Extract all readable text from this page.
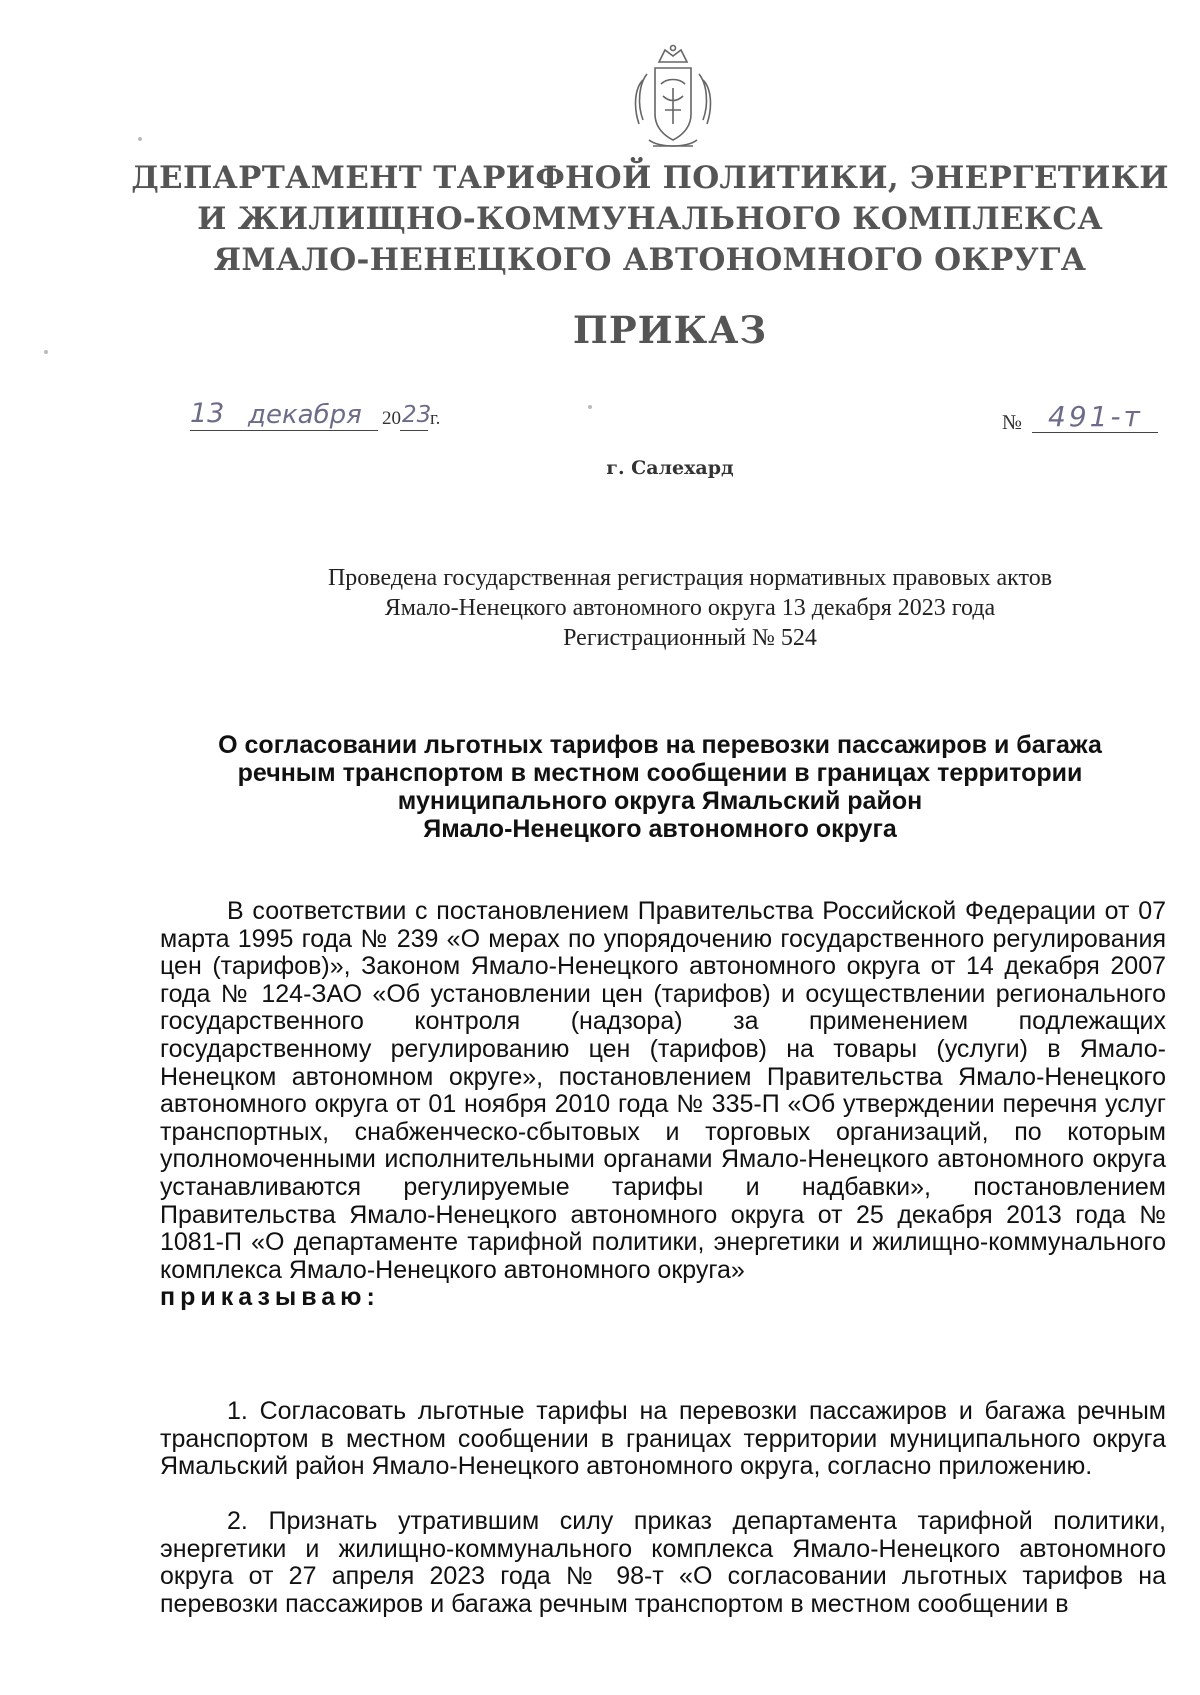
ДЕПАРТАМЕНТ ТАРИФНОЙ ПОЛИТИКИ, ЭНЕРГЕТИКИ
И ЖИЛИЩНО-КОММУНАЛЬНОГО КОМПЛЕКСА
ЯМАЛО-НЕНЕЦКОГО АВТОНОМНОГО ОКРУГА
ПРИКАЗ
13 декабря 20 23
г.	№ 491-т
г. Салехард
Проведена государственная регистрация нормативных правовых актов
Ямало-Ненецкого автономного округа 13 декабря 2023 года
Регистрационный № 524
О согласовании льготных тарифов на перевозки пассажиров и багажа
речным транспортом в местном сообщении в границах территории
муниципального округа Ямальский район
Ямало-Ненецкого автономного округа
В соответствии с постановлением Правительства Российской Федерации от 07 марта 1995 года № 239 «О мерах по упорядочению государственного регулирования цен (тарифов)», Законом Ямало-Ненецкого автономного округа от 14 декабря 2007 года № 124-ЗАО «Об установлении цен (тарифов) и осуществлении регионального государственного контроля (надзора) за применением подлежащих государственному регулированию цен (тарифов) на товары (услуги) в Ямало-Ненецком автономном округе», постановлением Правительства Ямало-Ненецкого автономного округа от 01 ноября 2010 года № 335-П «Об утверждении перечня услуг транспортных, снабженческо-сбытовых и торговых организаций, по которым уполномоченными исполнительными органами Ямало-Ненецкого автономного округа устанавливаются регулируемые тарифы и надбавки», постановлением Правительства Ямало-Ненецкого автономного округа от 25 декабря 2013 года № 1081-П «О департаменте тарифной политики, энергетики и жилищно-коммунального комплекса Ямало-Ненецкого автономного округа»
приказываю:
1. Согласовать льготные тарифы на перевозки пассажиров и багажа речным транспортом в местном сообщении в границах территории муниципального округа Ямальский район Ямало-Ненецкого автономного округа, согласно приложению.
2. Признать утратившим силу приказ департамента тарифной политики, энергетики и жилищно-коммунального комплекса Ямало-Ненецкого автономного округа от 27 апреля 2023 года № 98-т «О согласовании льготных тарифов на перевозки пассажиров и багажа речным транспортом в местном сообщении в
